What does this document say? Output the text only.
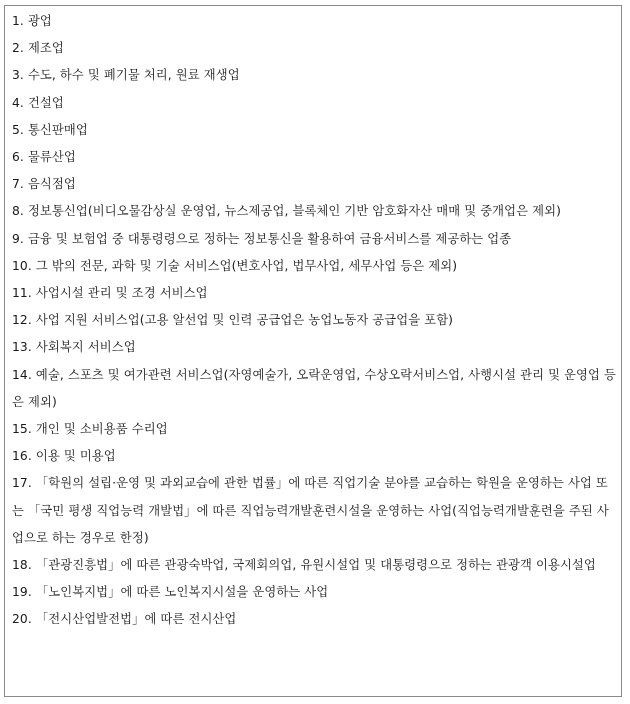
1. 광업
2. 제조업
3. 수도, 하수 및 폐기물 처리, 원료 재생업
4. 건설업
5. 통신판매업
6. 물류산업
7. 음식점업
8. 정보통신업(비디오물감상실 운영업, 뉴스제공업, 블록체인 기반 암호화자산 매매 및 중개업은 제외)
9. 금융 및 보험업 중 대통령령으로 정하는 정보통신을 활용하여 금융서비스를 제공하는 업종
10. 그 밖의 전문, 과학 및 기술 서비스업(변호사업, 법무사업, 세무사업 등은 제외)
11. 사업시설 관리 및 조경 서비스업
12. 사업 지원 서비스업(고용 알선업 및 인력 공급업은 농업노동자 공급업을 포함)
13. 사회복지 서비스업
14. 예술, 스포츠 및 여가관련 서비스업(자영예술가, 오락운영업, 수상오락서비스업, 사행시설 관리 및 운영업 등은 제외)
15. 개인 및 소비용품 수리업
16. 이용 및 미용업
17. 「학원의 설립·운영 및 과외교습에 관한 법률」에 따른 직업기술 분야를 교습하는 학원을 운영하는 사업 또는 「국민 평생 직업능력 개발법」에 따른 직업능력개발훈련시설을 운영하는 사업(직업능력개발훈련을 주된 사업으로 하는 경우로 한정)
18. 「관광진흥법」에 따른 관광숙박업, 국제회의업, 유원시설업 및 대통령령으로 정하는 관광객 이용시설업
19. 「노인복지법」에 따른 노인복지시설을 운영하는 사업
20. 「전시산업발전법」에 따른 전시산업
